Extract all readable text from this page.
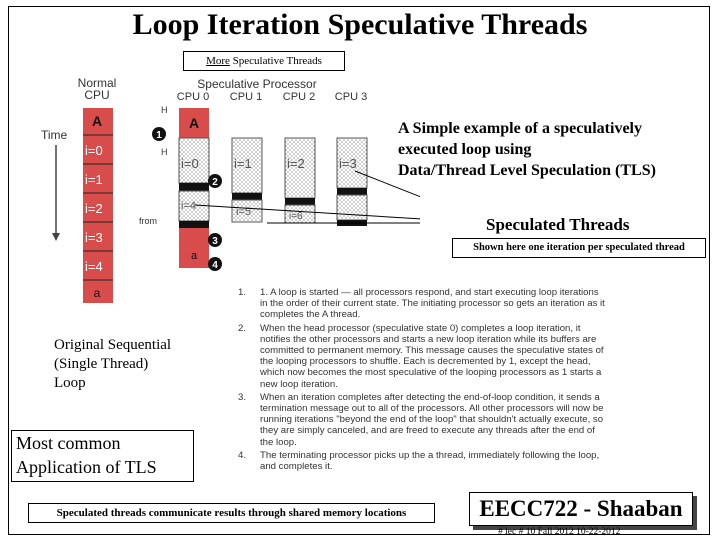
Loop Iteration Speculative Threads
More Speculative Threads
Normal
CPU
Speculative Processor
CPU 0 CPU 1 CPU 2 CPU 3
Time
A
i=0
i=1
i=2
i=3
i=4
a
H
H
A
i=0
i=4
a
i=1
i=5
i=2
i=6
i=3
from
1
2
3
4
A Simple example of a speculatively
executed loop using
Data/Thread Level Speculation (TLS)
Speculated Threads
Shown here one iteration per speculated thread
Original Sequential
(Single Thread)
Loop
Most common
Application of TLS
1.	1. A loop is started — all processors respond, and start executing loop iterations in the order of their current state. The initiating processor so gets an iteration as it completes the A thread.
2.	When the head processor (speculative state 0) completes a loop iteration, it notifies the other processors and starts a new loop iteration while its buffers are committed to permanent memory. This message causes the speculative states of the looping processors to shuffle. Each is decremented by 1, except the head, which now becomes the most speculative of the looping processors as 1 starts a new loop iteration.
3.	When an iteration completes after detecting the end-of-loop condition, it sends a termination message out to all of the processors. All other processors will now be running iterations "beyond the end of the loop" that shouldn't actually execute, so they are simply canceled, and are freed to execute any threads after the end of the loop.
4.	The terminating processor picks up the a thread, immediately following the loop, and completes it.
Speculated threads communicate results through shared memory locations	EECC722 - Shaaban
# lec # 10 Fall 2012 10-22-2012
